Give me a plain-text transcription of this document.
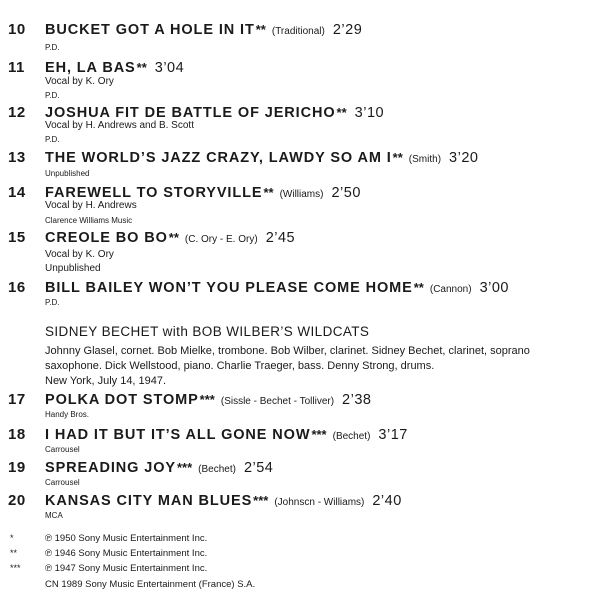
10 BUCKET GOT A HOLE IN IT** (Traditional) 2’29
P.D.
11 EH, LA BAS** 3’04
Vocal by K. Ory
P.D.
12 JOSHUA FIT DE BATTLE OF JERICHO** 3’10
Vocal by H. Andrews and B. Scott
P.D.
13 THE WORLD’S JAZZ CRAZY, LAWDY SO AM I** (Smith) 3’20
Unpublished
14 FAREWELL TO STORYVILLE** (Williams) 2’50
Vocal by H. Andrews
Clarence Williams Music
15 CREOLE BO BO** (C. Ory - E. Ory) 2’45
Vocal by K. Ory
Unpublished
16 BILL BAILEY WON’T YOU PLEASE COME HOME** (Cannon) 3’00
P.D.
SIDNEY BECHET with BOB WILBER’S WILDCATS
Johnny Glasel, cornet. Bob Mielke, trombone. Bob Wilber, clarinet. Sidney Bechet, clarinet, soprano saxophone. Dick Wellstood, piano. Charlie Traeger, bass. Denny Strong, drums.
New York, July 14, 1947.
17 POLKA DOT STOMP*** (Sissle - Bechet - Tolliver) 2’38
Handy Bros.
18 I HAD IT BUT IT’S ALL GONE NOW*** (Bechet) 3’17
Carrousel
19 SPREADING JOY*** (Bechet) 2’54
Carrousel
20 KANSAS CITY MAN BLUES*** (Johnscn - Williams) 2’40
MCA
*	℗ 1950 Sony Music Entertainment Inc.
**	℗ 1946 Sony Music Entertainment Inc.
***	℗ 1947 Sony Music Entertainment Inc.
CN 1989 Sony Music Entertainment (France) S.A.
